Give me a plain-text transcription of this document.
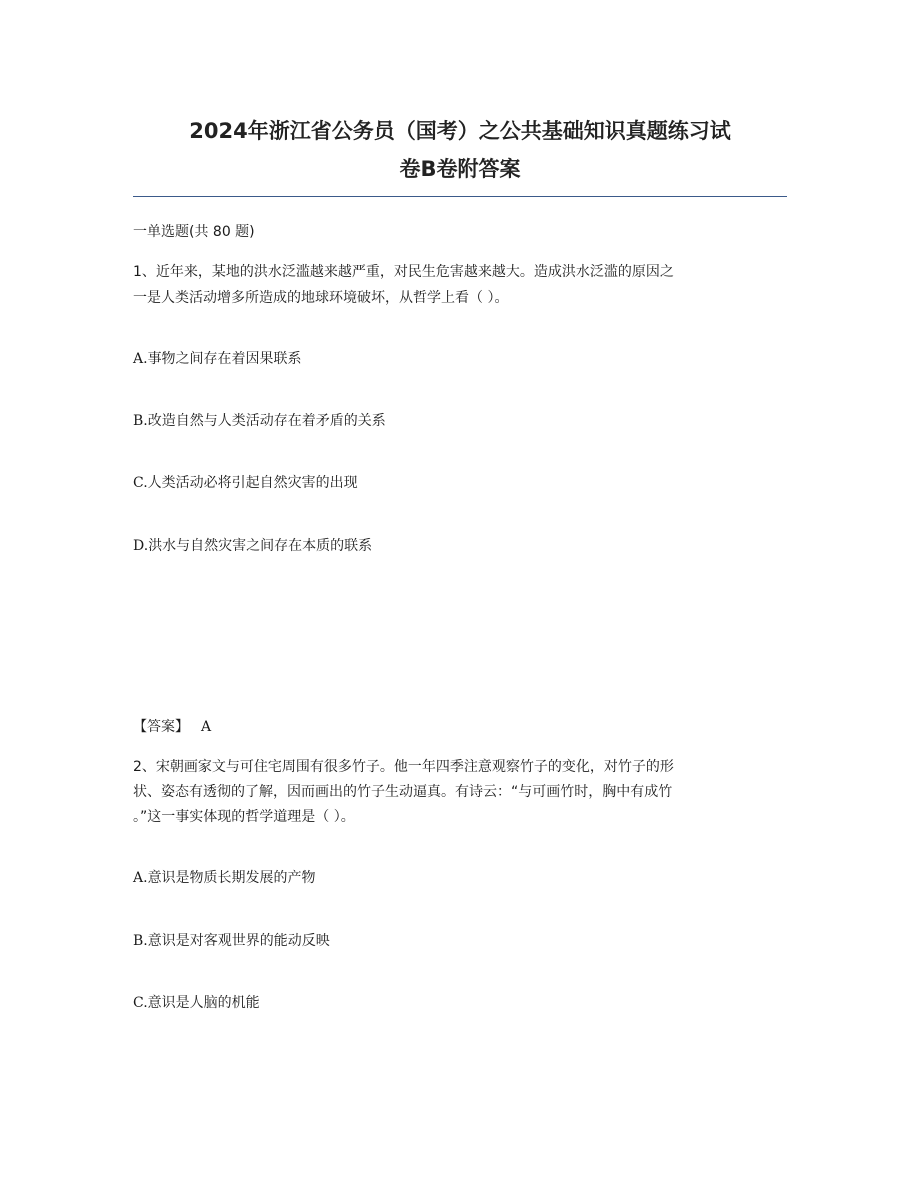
2024年浙江省公务员（国考）之公共基础知识真题练习试
卷B卷附答案
一单选题(共 80 题)
1、近年来，某地的洪水泛滥越来越严重，对民生危害越来越大。造成洪水泛滥的原因之
一是人类活动增多所造成的地球环境破坏，从哲学上看（ ）。
A.事物之间存在着因果联系
B.改造自然与人类活动存在着矛盾的关系
C.人类活动必将引起自然灾害的出现
D.洪水与自然灾害之间存在本质的联系
【答案】 A
2、宋朝画家文与可住宅周围有很多竹子。他一年四季注意观察竹子的变化，对竹子的形
状、姿态有透彻的了解，因而画出的竹子生动逼真。有诗云：“与可画竹时，胸中有成竹
。”这一事实体现的哲学道理是（ ）。
A.意识是物质长期发展的产物
B.意识是对客观世界的能动反映
C.意识是人脑的机能
